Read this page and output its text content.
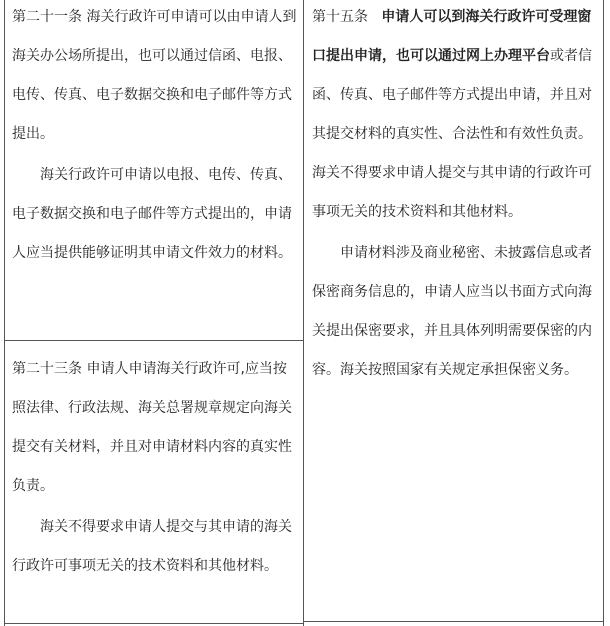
第二十一条 海关行政许可申请可以由申请人到海关办公场所提出，也可以通过信函、电报、电传、传真、电子数据交换和电子邮件等方式提出。

海关行政许可申请以电报、电传、传真、电子数据交换和电子邮件等方式提出的，申请人应当提供能够证明其申请文件效力的材料。

第二十三条 申请人申请海关行政许可,应当按照法律、行政法规、海关总署规章规定向海关提交有关材料，并且对申请材料内容的真实性负责。

海关不得要求申请人提交与其申请的海关行政许可事项无关的技术资料和其他材料。

第十五条 申请人可以到海关行政许可受理窗口提出申请，也可以通过网上办理平台或者信函、传真、电子邮件等方式提出申请，并且对其提交材料的真实性、合法性和有效性负责。海关不得要求申请人提交与其申请的行政许可事项无关的技术资料和其他材料。

申请材料涉及商业秘密、未披露信息或者保密商务信息的，申请人应当以书面方式向海关提出保密要求，并且具体列明需要保密的内容。海关按照国家有关规定承担保密义务。
